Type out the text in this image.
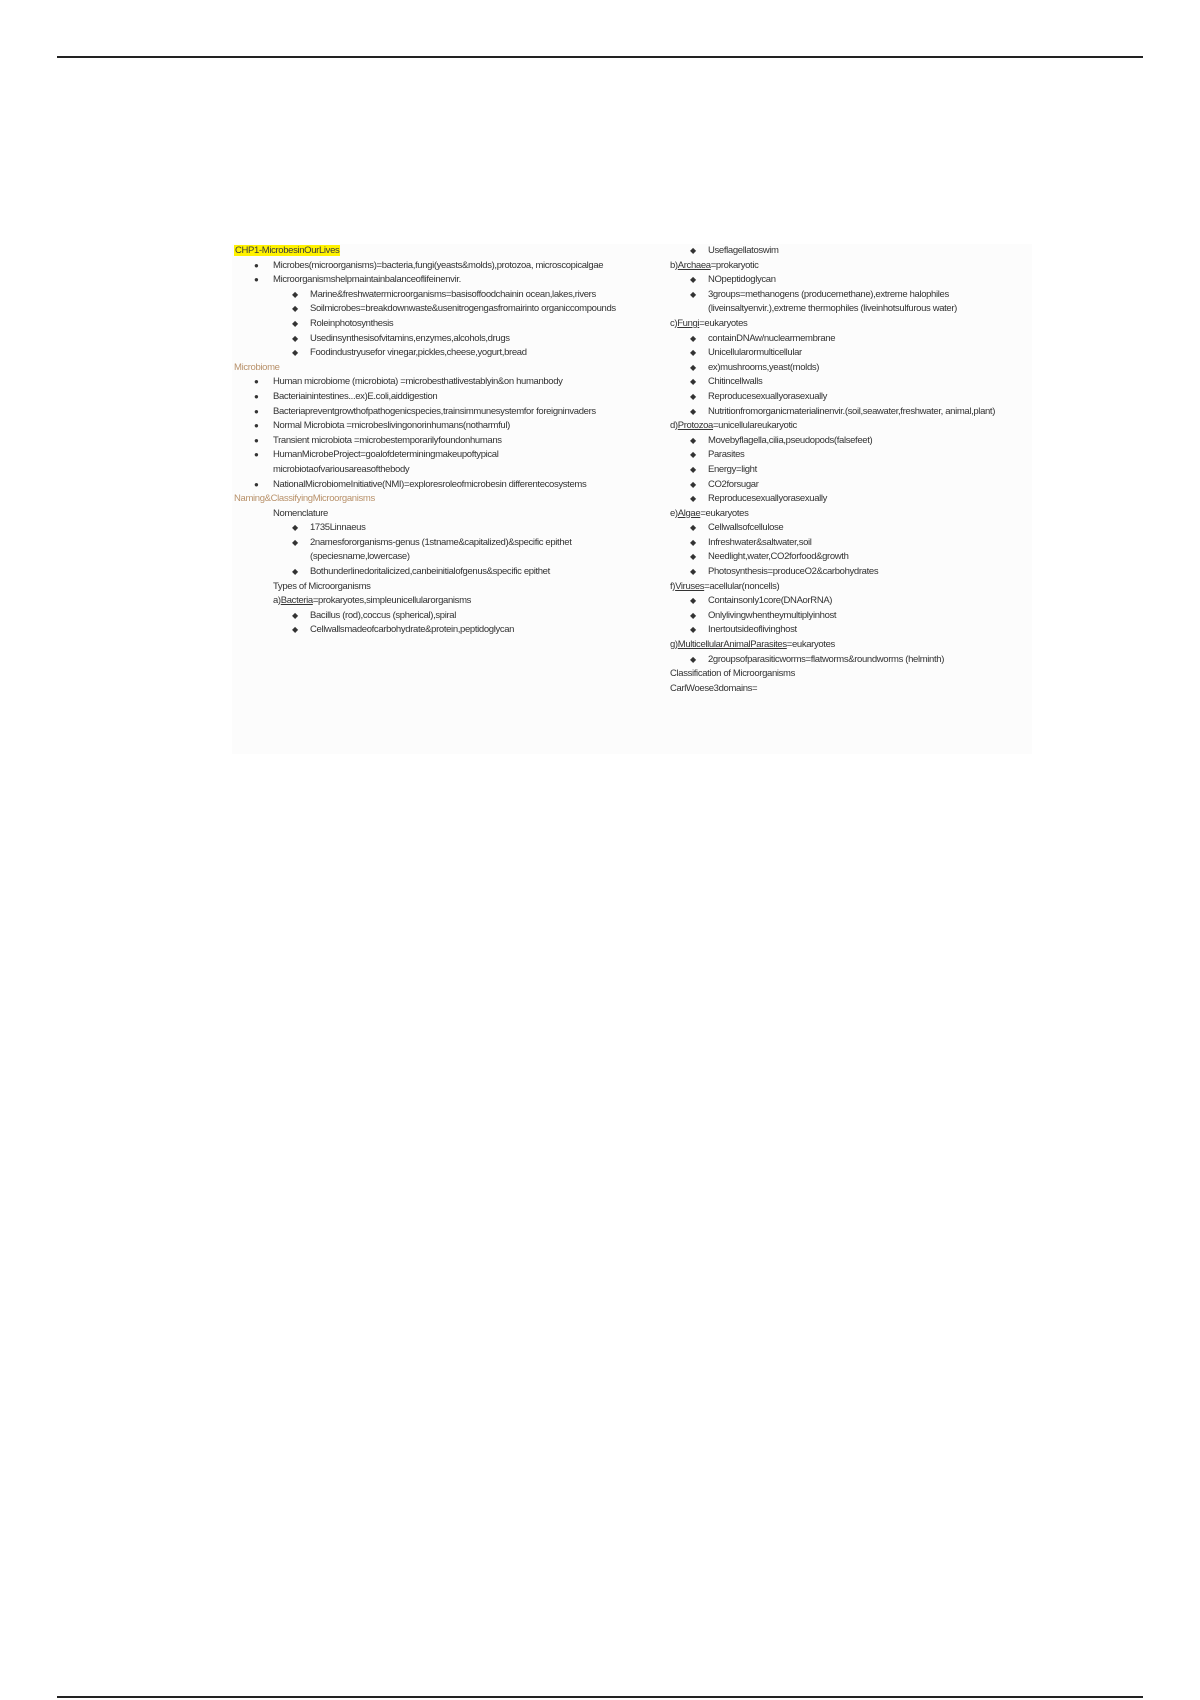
CHP1-MicrobesinOurLives
● Microbes(microorganisms)=bacteria,fungi(yeasts&molds),protozoa, microscopicalgae
● Microorganismshelpmaintainbalanceoflifeinenvir.
◆ Marine&freshwatermicroorganisms=basisoffoodchainin ocean,lakes,rivers
◆ Soilmicrobes=breakdownwaste&usenitrogengasfromairinto organiccompounds
◆ Roleinphotosynthesis
◆ Usedinsynthesisofvitamins,enzymes,alcohols,drugs
◆ Foodindustryusefor vinegar,pickles,cheese,yogurt,bread
Microbiome
● Human microbiome (microbiota) =microbesthatlivestablyin&on humanbody
● Bacteriainintestines...ex)E.coli,aiddigestion
● Bacteriapreventgrowthofpathogenicspecies,trainsimmunesystemfor foreigninvaders
● Normal Microbiota =microbeslivingonorinhumans(notharmful)
● Transient microbiota =microbestemporarilyfoundonhumans
● HumanMicrobeProject=goalofdeterminingmakeupoftypical microbiotaofvariousareasofthebody
● NationalMicrobiomeInitiative(NMI)=exploresroleofmicrobesin differentecosystems
Naming&ClassifyingMicroorganisms
Nomenclature
◆ 1735Linnaeus
◆ 2namesfororganisms-genus (1stname&capitalized)&specific epithet (speciesname,lowercase)
◆ Bothunderlinedoritalicized,canbeinitialofgenus&specific epithet
Types of Microorganisms
a)Bacteria=prokaryotes,simpleunicellularorganisms
◆ Bacillus (rod),coccus (spherical),spiral
◆ Cellwallsmadeofcarbohydrate&protein,peptidoglycan
◆ Useflagellatoswim
b)Archaea=prokaryotic
◆ NOpeptidoglycan
◆ 3groups=methanogens (producemethane),extreme halophiles (liveinsaltyenvir.),extreme thermophiles (liveinhotsulfurous water)
c)Fungi=eukaryotes
◆ containDNAw/nuclearmembrane
◆ Unicellularormulticellular
◆ ex)mushrooms,yeast(molds)
◆ Chitincellwalls
◆ Reproducesexuallyorasexually
◆ Nutritionfromorganicmaterialinenvir.(soil,seawater,freshwater, animal,plant)
d)Protozoa=unicellulareukaryotic
◆ Movebyflagella,cilia,pseudopods(falsefeet)
◆ Parasites
◆ Energy=light
◆ CO2forsugar
◆ Reproducesexuallyorasexually
e)Algae=eukaryotes
◆ Cellwallsofcellulose
◆ Infreshwater&saltwater,soil
◆ Needlight,water,CO2forfood&growth
◆ Photosynthesis=produceO2&carbohydrates
f)Viruses=acellular(noncells)
◆ Containsonly1core(DNAorRNA)
◆ Onlylivingwhentheymultiplyinhost
◆ Inertoutsideoflivinghost
g)MulticellularAnimalParasites=eukaryotes
◆ 2groupsofparasiticworms=flatworms&roundworms (helminth)
Classification of Microorganisms
CarlWoese3domains=
